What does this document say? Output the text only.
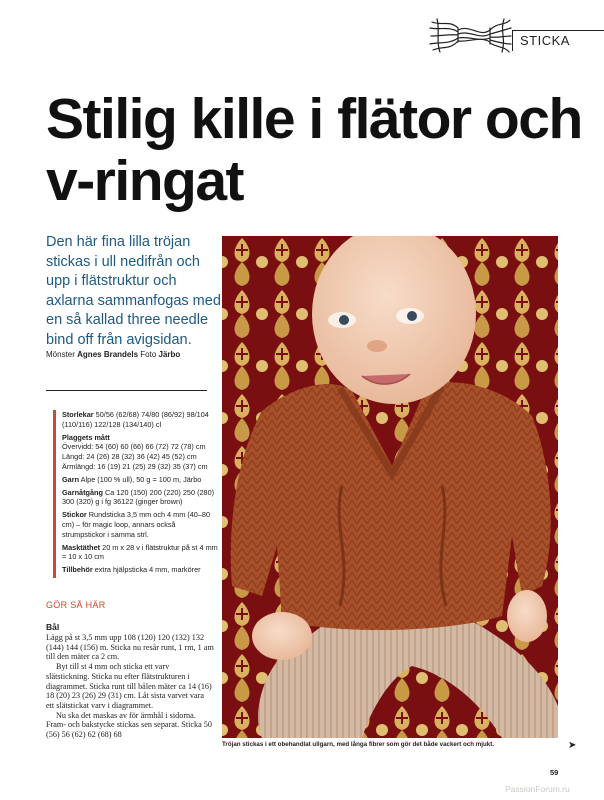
STICKA
Stilig kille i flätor och v-ringat
Den här fina lilla tröjan stickas i ull nedifrån och upp i flätstruktur och axlarna sammanfogas med en så kallad three needle bind off från avigsidan.
Mönster Agnes Brandels Foto Järbo
Storlekar 50/56 (62/68) 74/80 (86/92) 98/104 (110/116) 122/128 (134/140) cl
Plaggets mått
Övervidd: 54 (60) 60 (66) 66 (72) 72 (78) cm Längd: 24 (26) 28 (32) 36 (42) 45 (52) cm Ärmlängd: 16 (19) 21 (25) 29 (32) 35 (37) cm
Garn Alpe (100 % ull), 50 g = 100 m, Järbo
Garnåtgång Ca 120 (150) 200 (220) 250 (280) 300 (320) g i fg 36122 (ginger brown)
Stickor Rundsticka 3,5 mm och 4 mm (40–80 cm) – för magic loop, annars också strumpstickor i samma strl.
Masktäthet 20 m x 28 v i flätstruktur på st 4 mm = 10 x 10 cm
Tillbehör extra hjälpsticka 4 mm, markörer
GÖR SÅ HÄR
Bål

Lägg på st 3,5 mm upp 108 (120) 120 (132) 132 (144) 144 (156) m. Sticka nu resår runt, 1 rm, 1 am till den mäter ca 2 cm.

Byt till st 4 mm och sticka ett varv slätstickning. Sticka nu efter flätstrukturen i diagrammet. Sticka runt till bålen mäter ca 14 (16) 18 (20) 23 (26) 29 (31) cm. Låt sista varvet vara ett slätstickat varv i diagrammet.

Nu ska det maskas av för ärmhål i sidorna. Fram- och bakstycke stickas sen separat. Sticka 50 (56) 56 (62) 62 (68) 68

Tröjan stickas i ett obehandlat ullgarn, med långa fibrer som gör det både vackert och mjukt.	➤
59
PassionForum.ru
